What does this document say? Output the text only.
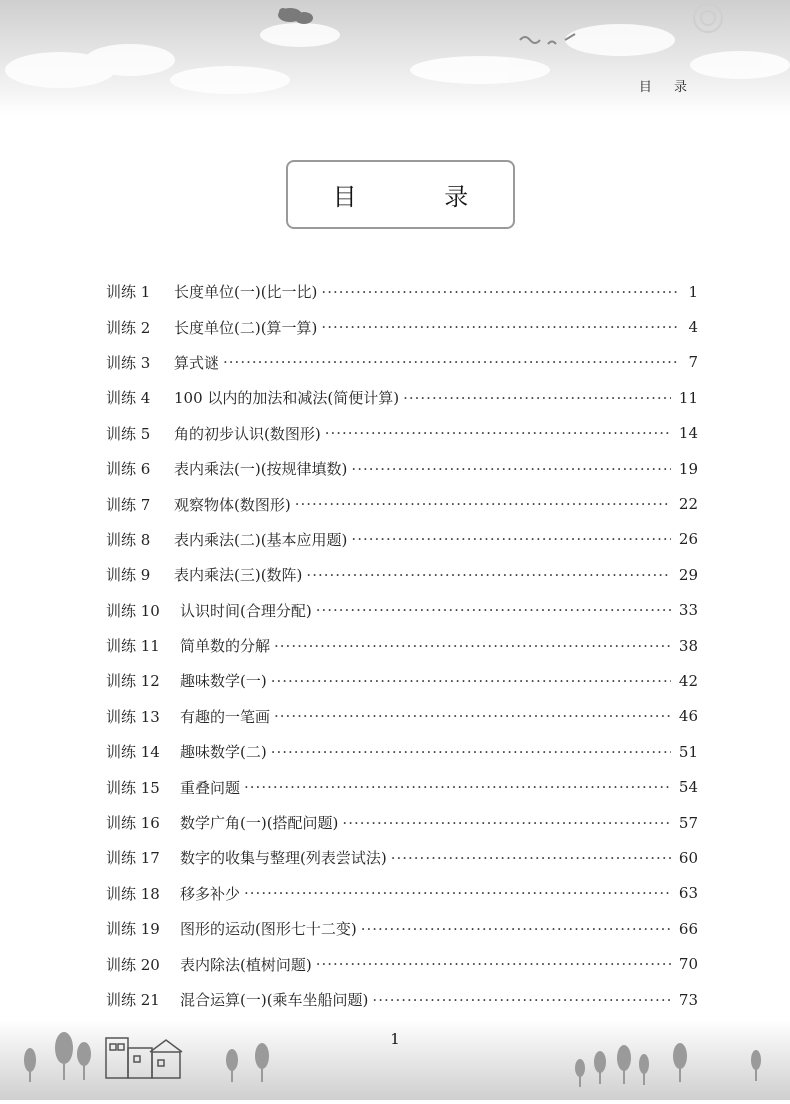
目 录
目 录
训练 1	长度单位(一)(比一比) ·····	1
训练 2	长度单位(二)(算一算) ·····	4
训练 3	算式谜 ·····	7
训练 4	100 以内的加法和减法(简便计算) ·····	11
训练 5	角的初步认识(数图形) ·····	14
训练 6	表内乘法(一)(按规律填数) ·····	19
训练 7	观察物体(数图形) ·····	22
训练 8	表内乘法(二)(基本应用题) ·····	26
训练 9	表内乘法(三)(数阵) ·····	29
训练 10	认识时间(合理分配) ·····	33
训练 11	简单数的分解 ·····	38
训练 12	趣味数学(一) ·····	42
训练 13	有趣的一笔画 ·····	46
训练 14	趣味数学(二) ·····	51
训练 15	重叠问题 ·····	54
训练 16	数学广角(一)(搭配问题) ·····	57
训练 17	数字的收集与整理(列表尝试法) ·····	60
训练 18	移多补少 ·····	63
训练 19	图形的运动(图形七十二变) ·····	66
训练 20	表内除法(植树问题) ·····	70
训练 21	混合运算(一)(乘车坐船问题) ·····	73
1
